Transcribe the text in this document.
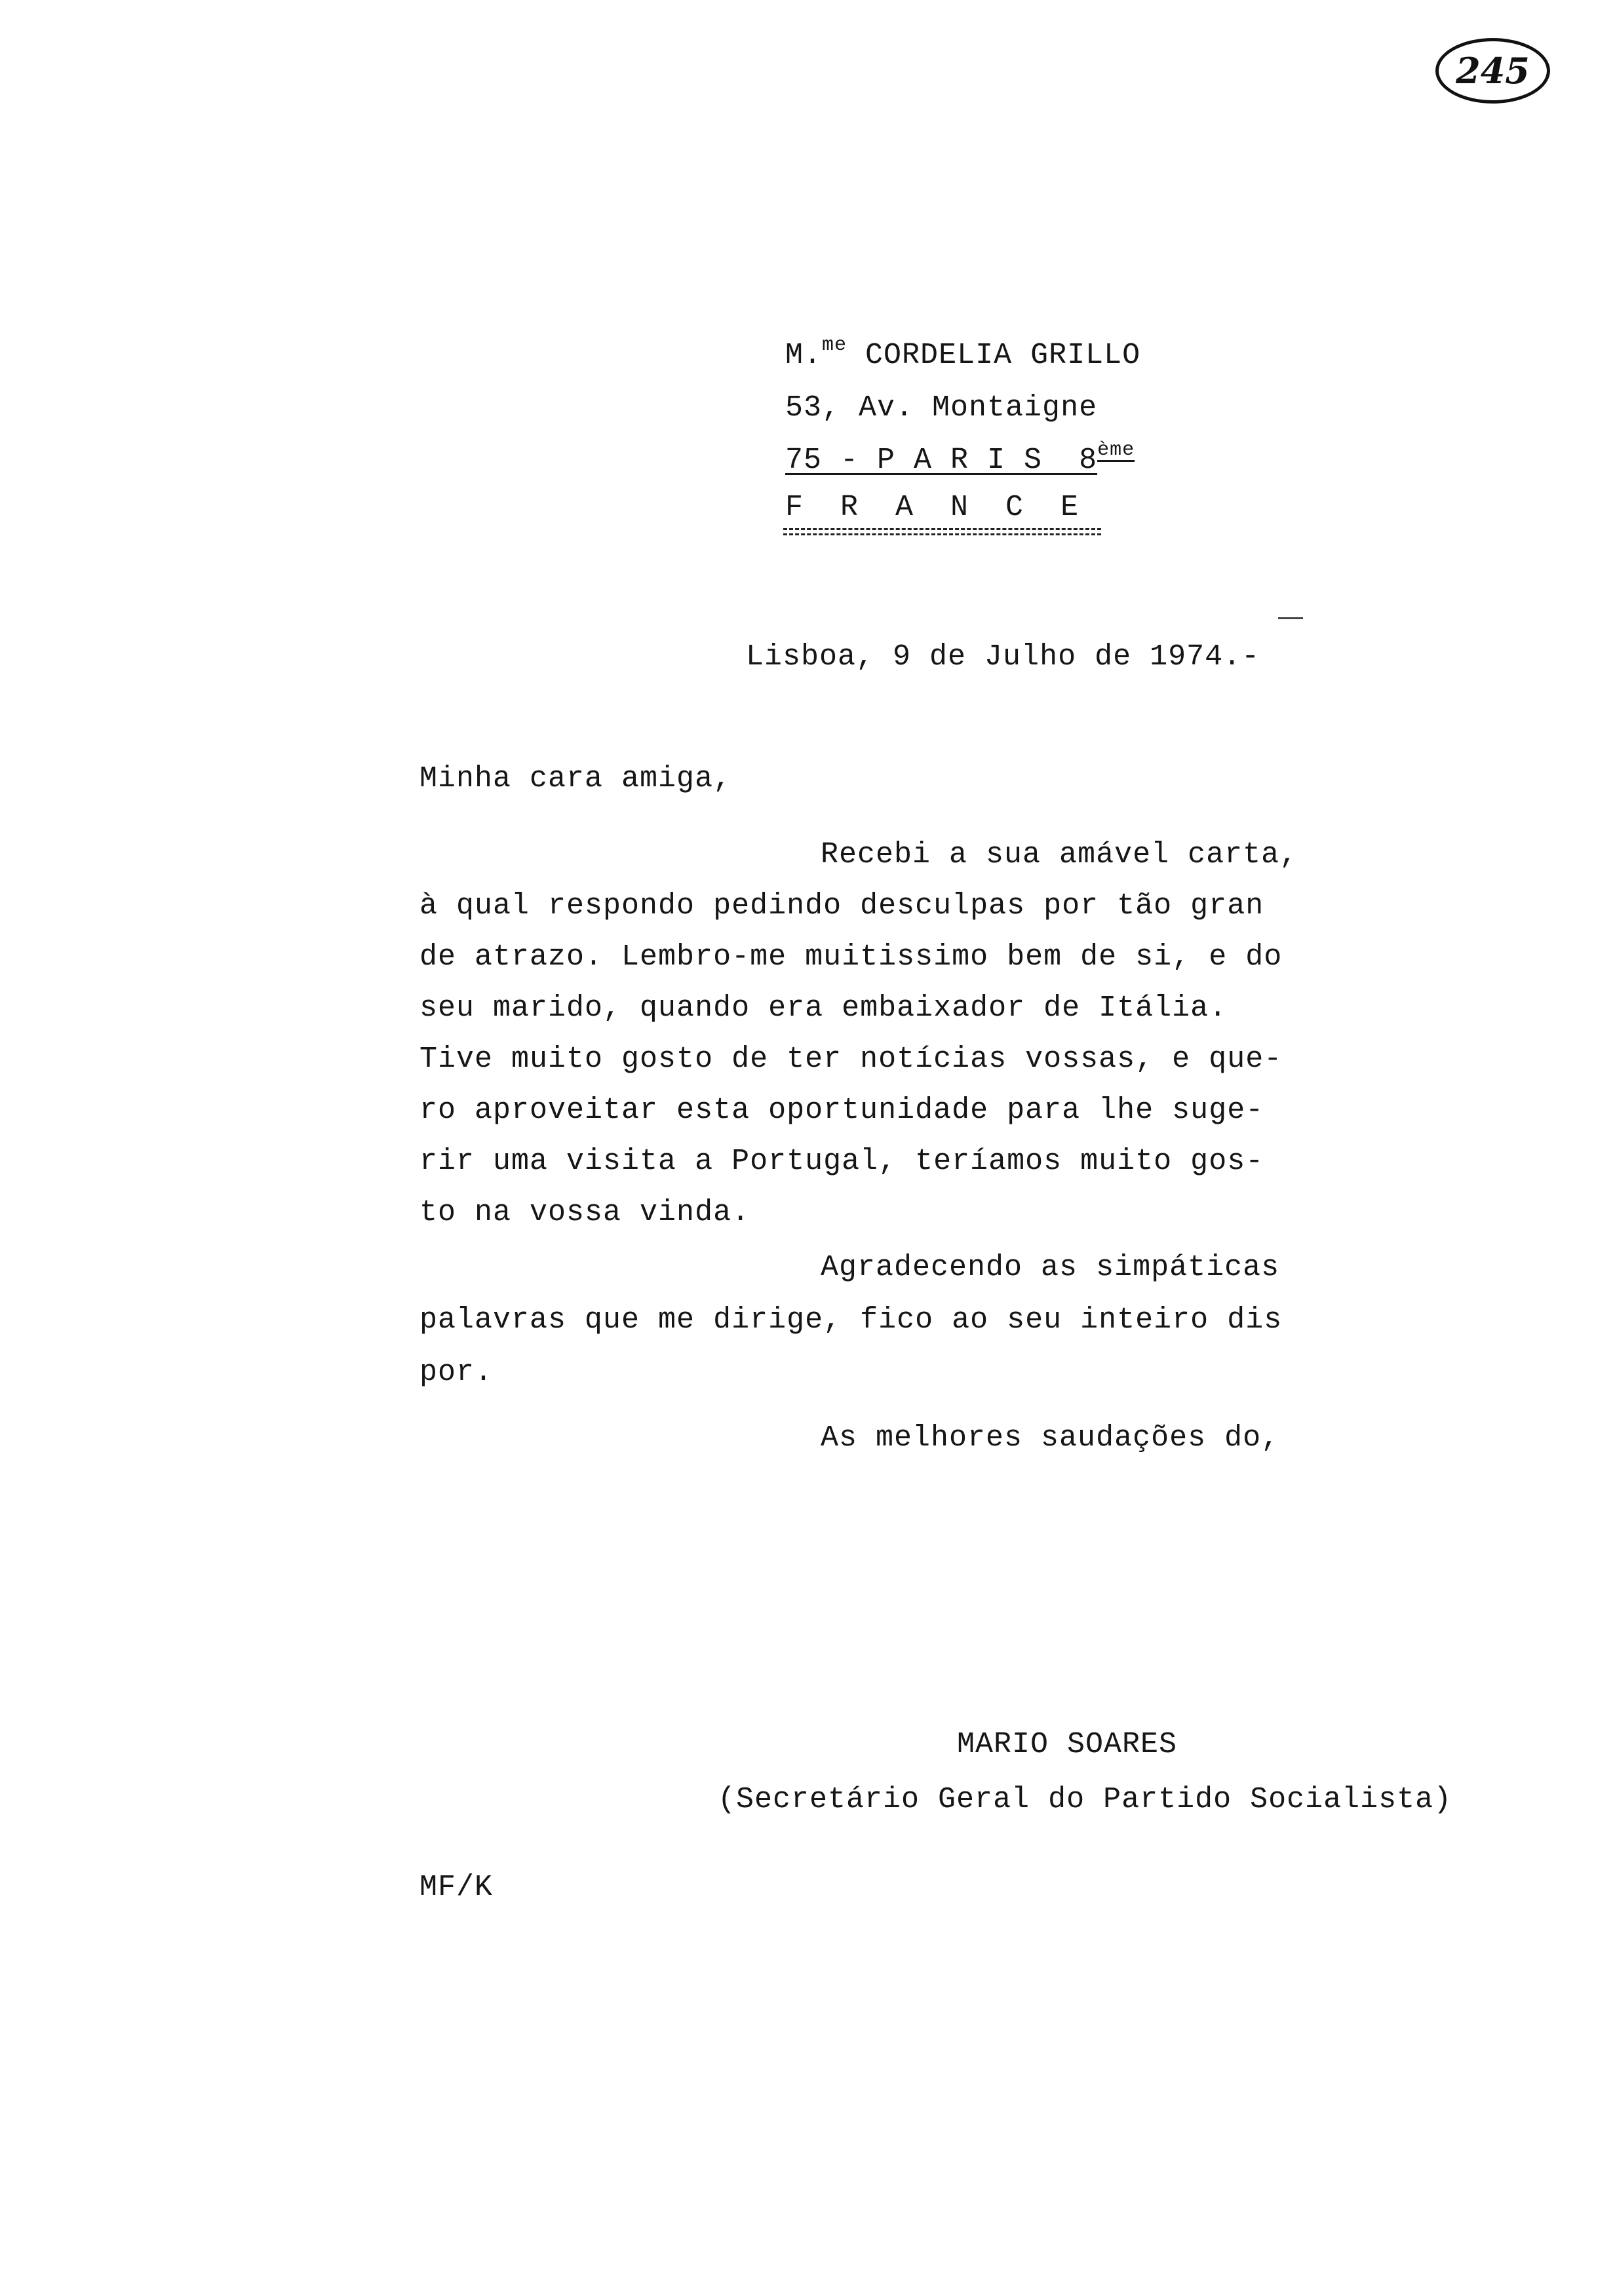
245
M.$^{me}$ CORDELIA GRILLO
53, Av. Montaigne
75 - P A R I S  8ème
F  R  A  N  C  E
Lisboa, 9 de Julho de 1974.-
Minha cara amiga,
Recebi a sua amável carta,
à qual respondo pedindo desculpas por tão gran
de atrazo. Lembro-me muitissimo bem de si, e do
seu marido, quando era embaixador de Itália.
Tive muito gosto de ter notícias vossas, e que-
ro aproveitar esta oportunidade para lhe suge-
rir uma visita a Portugal, teríamos muito gos-
to na vossa vinda.
Agradecendo as simpáticas
palavras que me dirige, fico ao seu inteiro dis
por.
As melhores saudações do,
MARIO SOARES
(Secretário Geral do Partido Socialista)
MF/K
